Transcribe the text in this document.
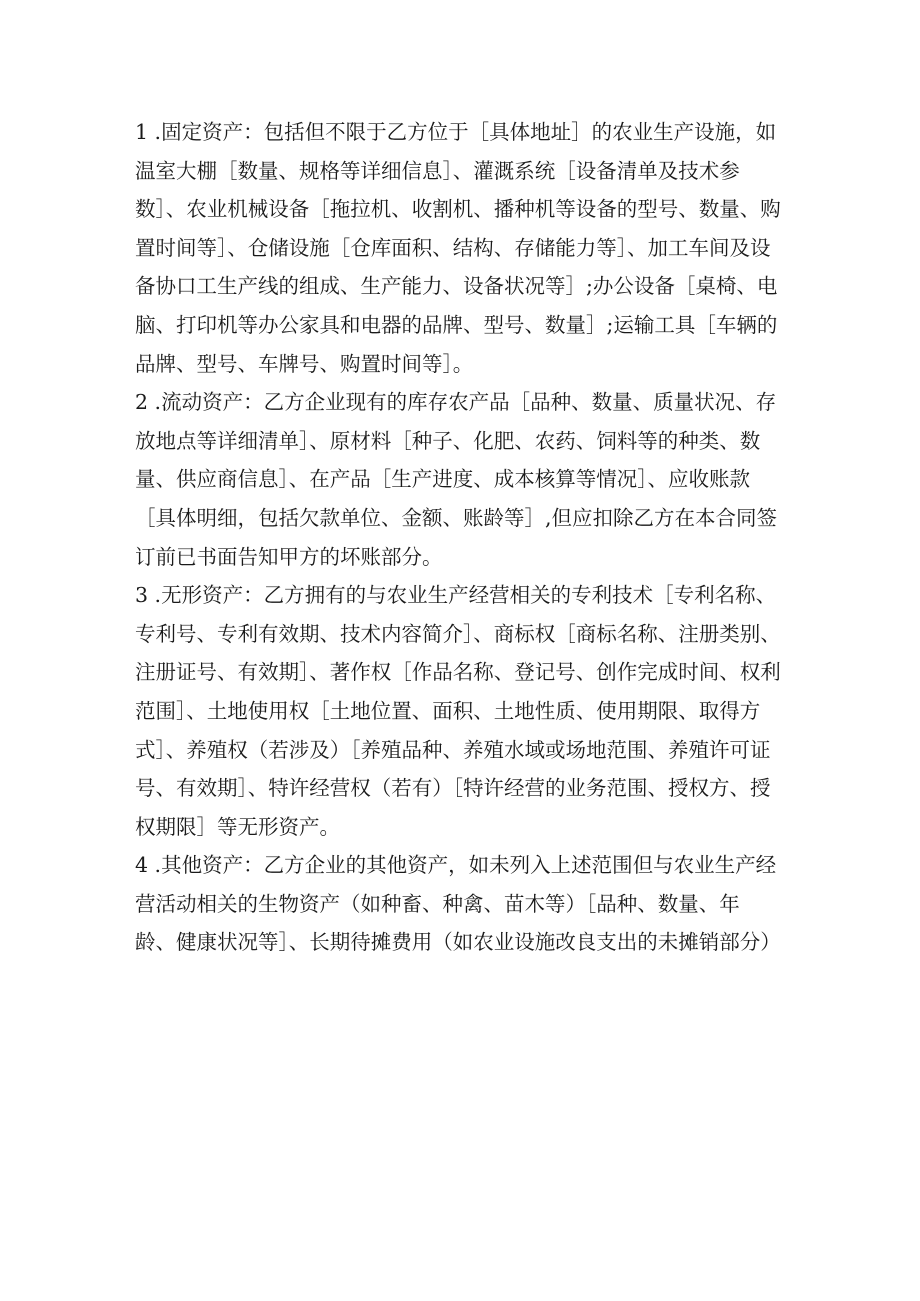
1 .固定资产：包括但不限于乙方位于［具体地址］的农业生产设施，如
温室大棚［数量、规格等详细信息］、灌溉系统［设备清单及技术参
数］、农业机械设备［拖拉机、收割机、播种机等设备的型号、数量、购
置时间等］、仓储设施［仓库面积、结构、存储能力等］、加工车间及设
备协口工生产线的组成、生产能力、设备状况等］;办公设备［桌椅、电
脑、打印机等办公家具和电器的品牌、型号、数量］;运输工具［车辆的
品牌、型号、车牌号、购置时间等］。
2 .流动资产：乙方企业现有的库存农产品［品种、数量、质量状况、存
放地点等详细清单］、原材料［种子、化肥、农药、饲料等的种类、数
量、供应商信息］、在产品［生产进度、成本核算等情况］、应收账款
［具体明细，包括欠款单位、金额、账龄等］,但应扣除乙方在本合同签
订前已书面告知甲方的坏账部分。
3 .无形资产：乙方拥有的与农业生产经营相关的专利技术［专利名称、
专利号、专利有效期、技术内容简介］、商标权［商标名称、注册类别、
注册证号、有效期］、著作权［作品名称、登记号、创作完成时间、权利
范围］、土地使用权［土地位置、面积、土地性质、使用期限、取得方
式］、养殖权（若涉及）［养殖品种、养殖水域或场地范围、养殖许可证
号、有效期］、特许经营权（若有）［特许经营的业务范围、授权方、授
权期限］等无形资产。
4 .其他资产：乙方企业的其他资产，如未列入上述范围但与农业生产经
营活动相关的生物资产（如种畜、种禽、苗木等）［品种、数量、年
龄、健康状况等］、长期待摊费用（如农业设施改良支出的未摊销部分）
